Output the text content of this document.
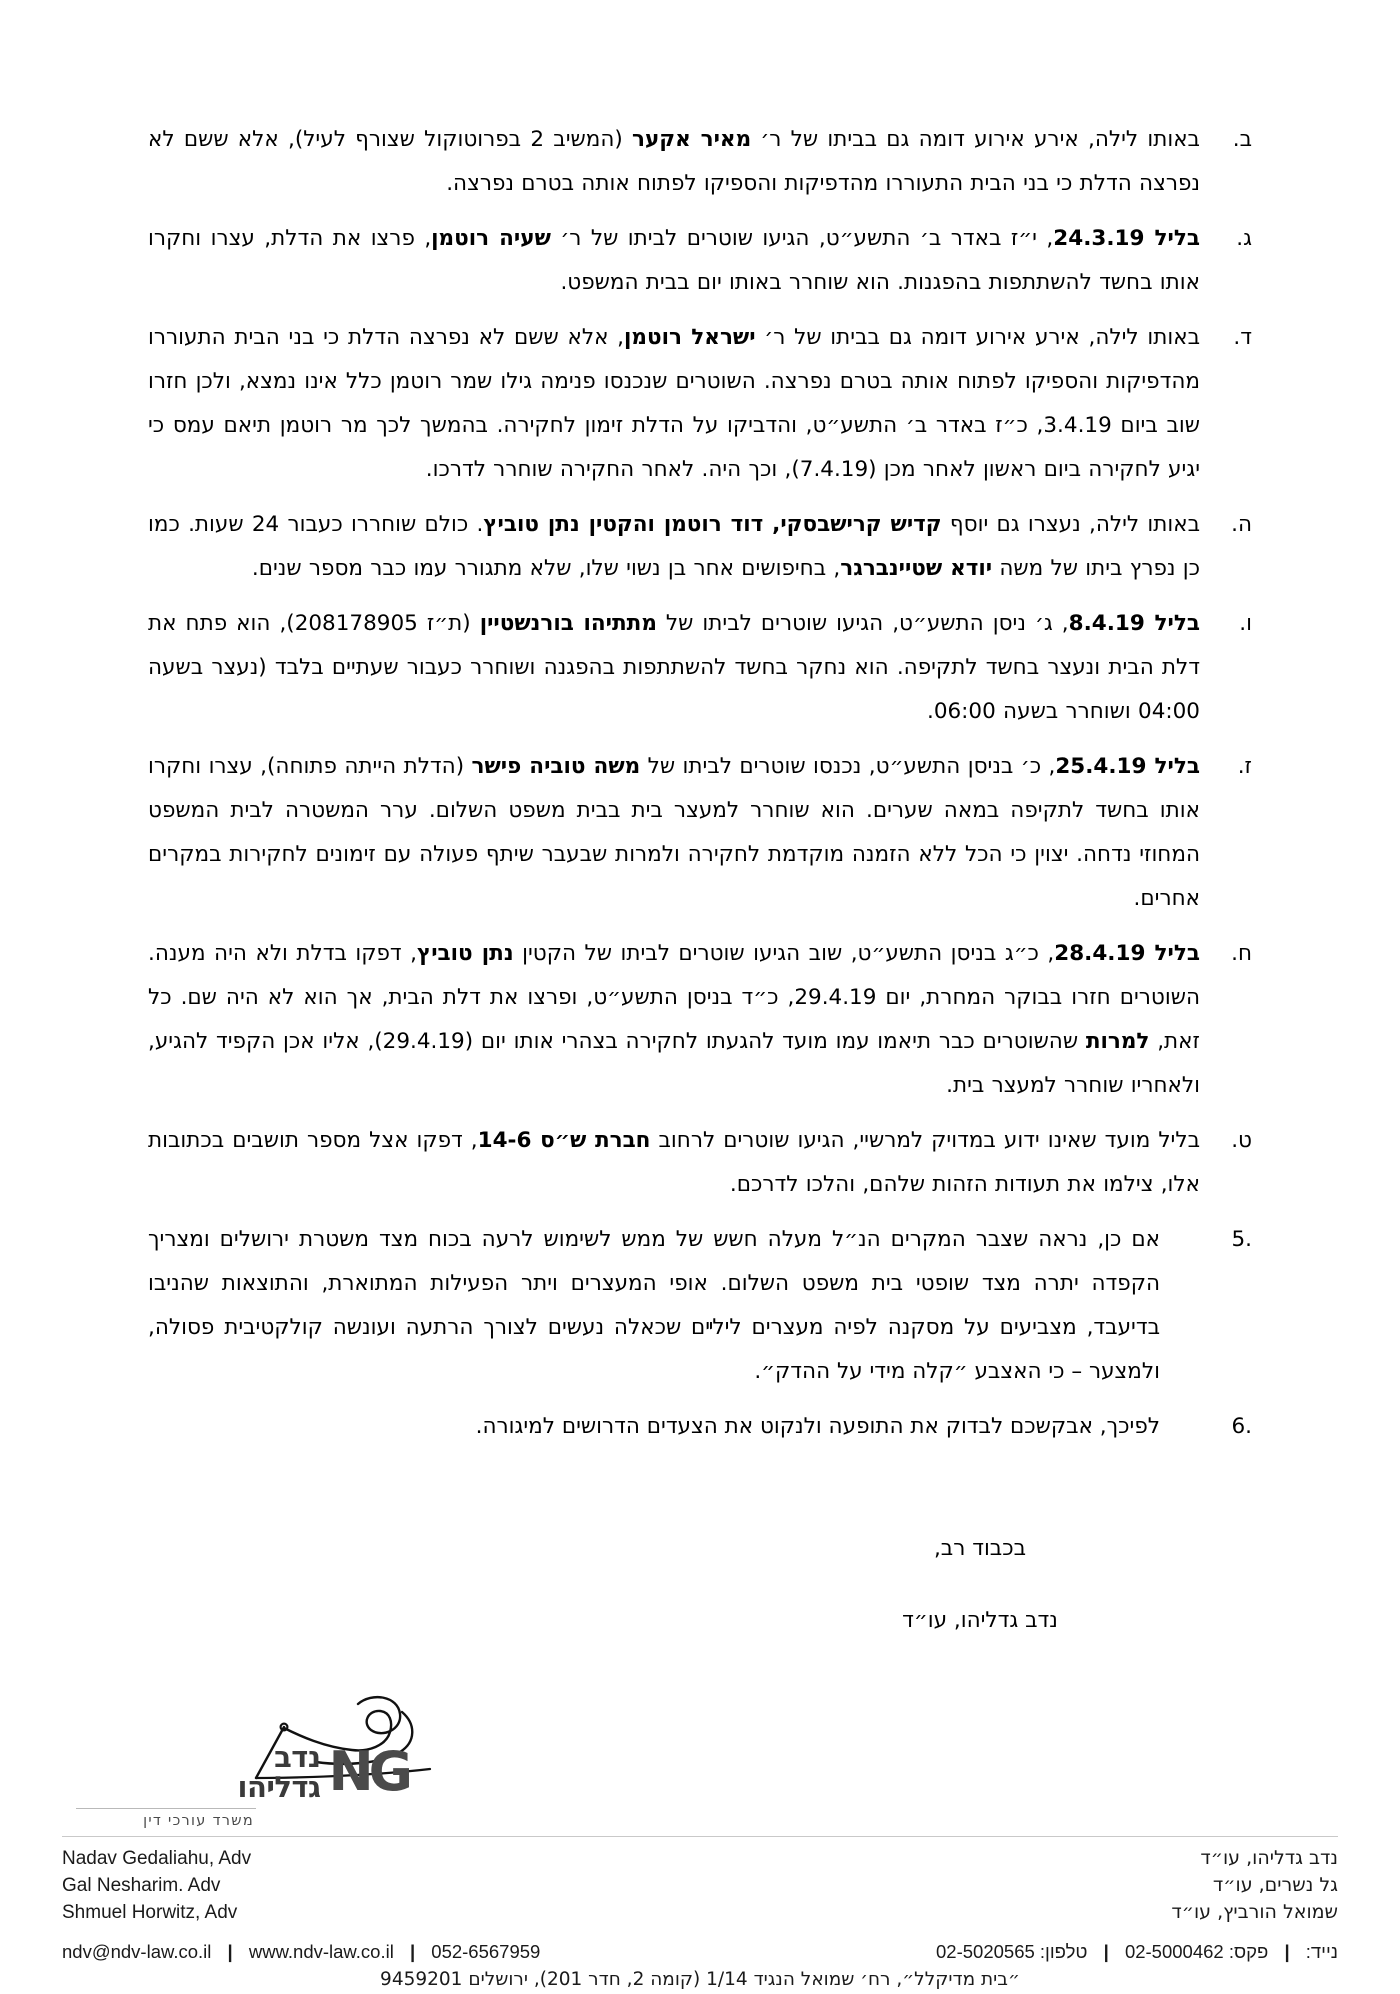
ב.
באותו לילה, אירע אירוע דומה גם בביתו של ר׳ מאיר אקער (המשיב 2 בפרוטוקול שצורף לעיל), אלא ששם לא נפרצה הדלת כי בני הבית התעוררו מהדפיקות והספיקו לפתוח אותה בטרם נפרצה.
ג.
בליל 24.3.19, י״ז באדר ב׳ התשע״ט, הגיעו שוטרים לביתו של ר׳ שעיה רוטמן, פרצו את הדלת, עצרו וחקרו אותו בחשד להשתתפות בהפגנות. הוא שוחרר באותו יום בבית המשפט.
ד.
באותו לילה, אירע אירוע דומה גם בביתו של ר׳ ישראל רוטמן, אלא ששם לא נפרצה הדלת כי בני הבית התעוררו מהדפיקות והספיקו לפתוח אותה בטרם נפרצה. השוטרים שנכנסו פנימה גילו שמר רוטמן כלל אינו נמצא, ולכן חזרו שוב ביום 3.4.19, כ״ז באדר ב׳ התשע״ט, והדביקו על הדלת זימון לחקירה. בהמשך לכך מר רוטמן תיאם עמס כי יגיע לחקירה ביום ראשון לאחר מכן (7.4.19), וכך היה. לאחר החקירה שוחרר לדרכו.
ה.
באותו לילה, נעצרו גם יוסף קדיש קרישבסקי, דוד רוטמן והקטין נתן טוביץ. כולם שוחררו כעבור 24 שעות. כמו כן נפרץ ביתו של משה יודא שטיינברגר, בחיפושים אחר בן נשוי שלו, שלא מתגורר עמו כבר מספר שנים.
ו.
בליל 8.4.19, ג׳ ניסן התשע״ט, הגיעו שוטרים לביתו של מתתיהו בורנשטיין (ת״ז 208178905), הוא פתח את דלת הבית ונעצר בחשד לתקיפה. הוא נחקר בחשד להשתתפות בהפגנה ושוחרר כעבור שעתיים בלבד (נעצר בשעה 04:00 ושוחרר בשעה 06:00.
ז.
בליל 25.4.19, כ׳ בניסן התשע״ט, נכנסו שוטרים לביתו של משה טוביה פישר (הדלת הייתה פתוחה), עצרו וחקרו אותו בחשד לתקיפה במאה שערים. הוא שוחרר למעצר בית בבית משפט השלום. ערר המשטרה לבית המשפט המחוזי נדחה. יצוין כי הכל ללא הזמנה מוקדמת לחקירה ולמרות שבעבר שיתף פעולה עם זימונים לחקירות במקרים אחרים.
ח.
בליל 28.4.19, כ״ג בניסן התשע״ט, שוב הגיעו שוטרים לביתו של הקטין נתן טוביץ, דפקו בדלת ולא היה מענה. השוטרים חזרו בבוקר המחרת, יום 29.4.19, כ״ד בניסן התשע״ט, ופרצו את דלת הבית, אך הוא לא היה שם. כל זאת, למרות שהשוטרים כבר תיאמו עמו מועד להגעתו לחקירה בצהרי אותו יום (29.4.19), אליו אכן הקפיד להגיע, ולאחריו שוחרר למעצר בית.
ט.
בליל מועד שאינו ידוע במדויק למרשיי, הגיעו שוטרים לרחוב חברת ש״ס 14-6, דפקו אצל מספר תושבים בכתובות אלו, צילמו את תעודות הזהות שלהם, והלכו לדרכם.
5.
אם כן, נראה שצבר המקרים הנ״ל מעלה חשש של ממש לשימוש לרעה בכוח מצד משטרת ירושלים ומצריך הקפדה יתרה מצד שופטי בית משפט השלום. אופי המעצרים ויתר הפעילות המתוארת, והתוצאות שהניבו בדיעבד, מצביעים על מסקנה לפיה מעצרים לילײם שכאלה נעשים לצורך הרתעה ועונשה קולקטיבית פסולה, ולמצער – כי האצבע ״קלה מידי על ההדק״.
6.
לפיכך, אבקשכם לבדוק את התופעה ולנקוט את הצעדים הדרושים למיגורה.
בכבוד רב,
נדב גדליהו, עו״ד
NG
נדב
גדליהו
משרד עורכי דין
Nadav Gedaliahu, Adv
Gal Nesharim. Adv
Shmuel Horwitz, Adv
נדב גדליהו, עו״ד
גל נשרים, עו״ד
שמואל הורביץ, עו״ד
ndv@ndv-law.co.il | www.ndv-law.co.il | 052-6567959	נייד: | פקס: 02-5000462 | טלפון: 02-5020565
״בית מדיקלל״, רח׳ שמואל הנגיד 1/14 (קומה 2, חדר 201), ירושלים 9459201
